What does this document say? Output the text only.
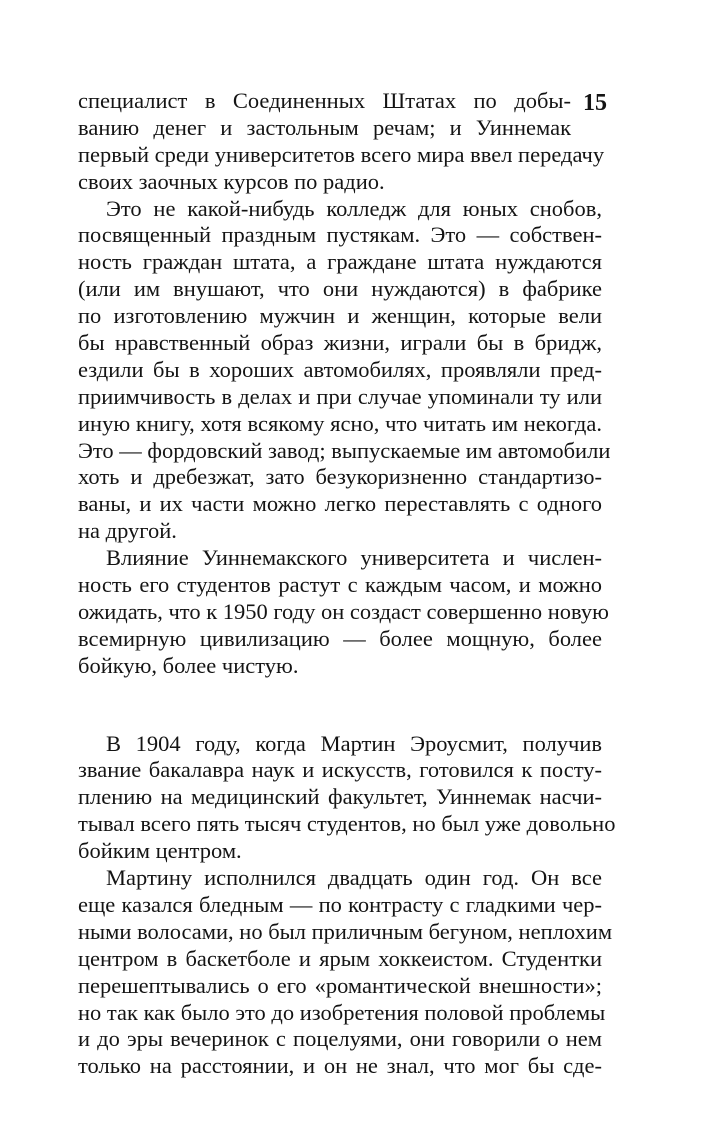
15
специалист в Соединенных Штатах по добы-
ванию денег и застольным речам; и Уиннемак
первый среди университетов всего мира ввел передачу
своих заочных курсов по радио.
Это не какой-нибудь колледж для юных снобов,
посвященный праздным пустякам. Это — собствен-
ность граждан штата, а граждане штата нуждаются
(или им внушают, что они нуждаются) в фабрике
по изготовлению мужчин и женщин, которые вели
бы нравственный образ жизни, играли бы в бридж,
ездили бы в хороших автомобилях, проявляли пред-
приимчивость в делах и при случае упоминали ту или
иную книгу, хотя всякому ясно, что читать им некогда.
Это — фордовский завод; выпускаемые им автомобили
хоть и дребезжат, зато безукоризненно стандартизо-
ваны, и их части можно легко переставлять с одного
на другой.
Влияние Уиннемакского университета и числен-
ность его студентов растут с каждым часом, и можно
ожидать, что к 1950 году он создаст совершенно новую
всемирную цивилизацию — более мощную, более
бойкую, более чистую.
В 1904 году, когда Мартин Эроусмит, получив
звание бакалавра наук и искусств, готовился к посту-
плению на медицинский факультет, Уиннемак насчи-
тывал всего пять тысяч студентов, но был уже довольно
бойким центром.
Мартину исполнился двадцать один год. Он все
еще казался бледным — по контрасту с гладкими чер-
ными волосами, но был приличным бегуном, неплохим
центром в баскетболе и ярым хоккеистом. Студентки
перешептывались о его «романтической внешности»;
но так как было это до изобретения половой проблемы
и до эры вечеринок с поцелуями, они говорили о нем
только на расстоянии, и он не знал, что мог бы сде-
